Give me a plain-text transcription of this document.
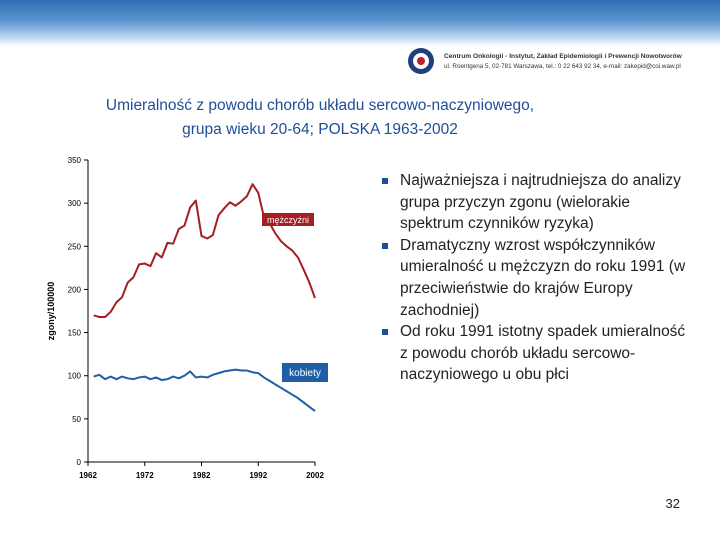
Centrum Onkologii - Instytut, Zakład Epidemiologii i Prewencji Nowotworów
ul. Roentgena 5, 02-781 Warszawa, tel.: 0 22 643 92 34, e-mail: zakepid@coi.waw.pl
Umieralność z powodu chorób układu sercowo-naczyniowego,
grupa wieku 20-64; POLSKA 1963-2002
0
50
100
150
200
250
300
350
1962	1972	1982	1992	2002
zgony/100000
mężczyźni
kobiety
Najważniejsza i najtrudniejsza do analizy grupa przyczyn zgonu (wielorakie spektrum czynników ryzyka)
Dramatyczny wzrost współczynników umieralność u mężczyzn do roku 1991 (w przeciwieństwie do krajów Europy zachodniej)
Od roku 1991 istotny spadek umieralność z powodu chorób układu sercowo-naczyniowego u obu płci
32
